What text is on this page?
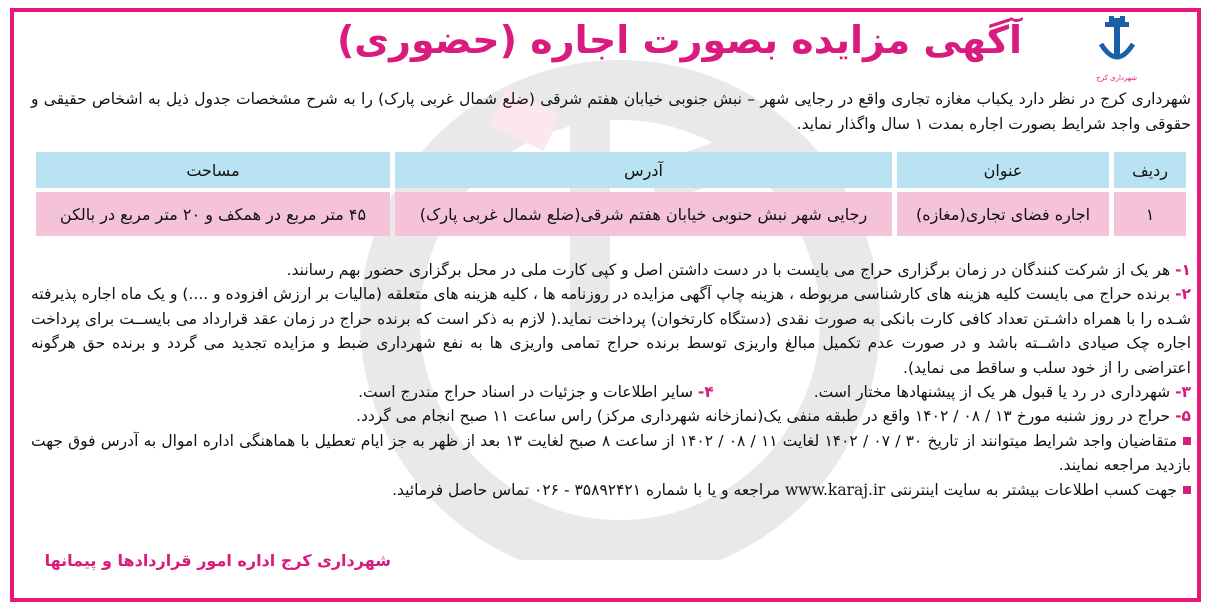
شهرداری کرج
آگهی مزایده بصورت اجاره (حضوری)
شهرداری کرج در نظر دارد یکباب مغازه تجاری واقع در رجایی شهر – نبش جنوبی خیابان هفتم شرقی (ضلع شمال غربی پارک) را به شرح مشخصات جدول ذیل به اشخاص حقیقی و حقوقی واجد شرایط بصورت اجاره بمدت ۱ سال واگذار نماید.
ردیف	عنوان	آدرس	مساحت
۱	اجاره فضای تجاری(مغازه)	رجایی شهر نبش حنوبی خیابان هفتم شرقی(ضلع شمال غربی پارک)	۴۵ متر مربع در همکف و ۲۰ متر مربع در بالکن

۱- هر یک از شرکت کنندگان در زمان برگزاری حراج می بایست با در دست داشتن اصل و کپی کارت ملی در محل برگزاری حضور بهم رسانند.

۲- برنده حراج می بایست کلیه هزینه های کارشناسی مربوطه ، هزینه چاپ آگهی مزایده در روزنامه ها ، کلیه هزینه های متعلقه (مالیات بر ارزش افزوده و ....) و یک ماه اجاره پذیرفته شـده را با همراه داشـتن تعداد کافی کارت بانکی به صورت نقدی (دستگاه کارتخوان) پرداخت نماید.( لازم به ذکر است که برنده حراج در زمان عقد قرارداد می بایســت برای پرداخت اجاره چک صیادی داشــته باشد و در صورت عدم تکمیل مبالغ واریزی توسط برنده حراج تمامی واریزی ها به نفع شهرداری ضبط و مزایده تجدید می گردد و برنده حق هرگونه اعتراضی را از خود سلب و ساقط می نماید).

۳- شهرداری در رد یا قبول هر یک از پیشنهادها مختار است.  ۴- سایر اطلاعات و جزئیات در اسناد حراج مندرج است.

۵- حراج در روز شنبه مورخ ۱۳ / ۰۸ / ۱۴۰۲ واقع در طبقه منفی یک(نمازخانه شهرداری مرکز) راس ساعت ۱۱ صبح انجام می گردد.

متقاضیان واجد شرایط میتوانند از تاریخ ۳۰ / ۰۷ / ۱۴۰۲ لغایت ۱۱ / ۰۸ / ۱۴۰۲ از ساعت ۸ صبح لغایت ۱۳ بعد از ظهر به جز ایام تعطیل با هماهنگی اداره اموال به آدرس فوق جهت بازدید مراجعه نمایند.

جهت کسب اطلاعات بیشتر به سایت اینترنتی www.karaj.ir مراجعه و یا با شماره ۳۵۸۹۲۴۲۱ - ۰۲۶ تماس حاصل فرمائید.

شهرداری کرج اداره امور قراردادها و پیمانها
